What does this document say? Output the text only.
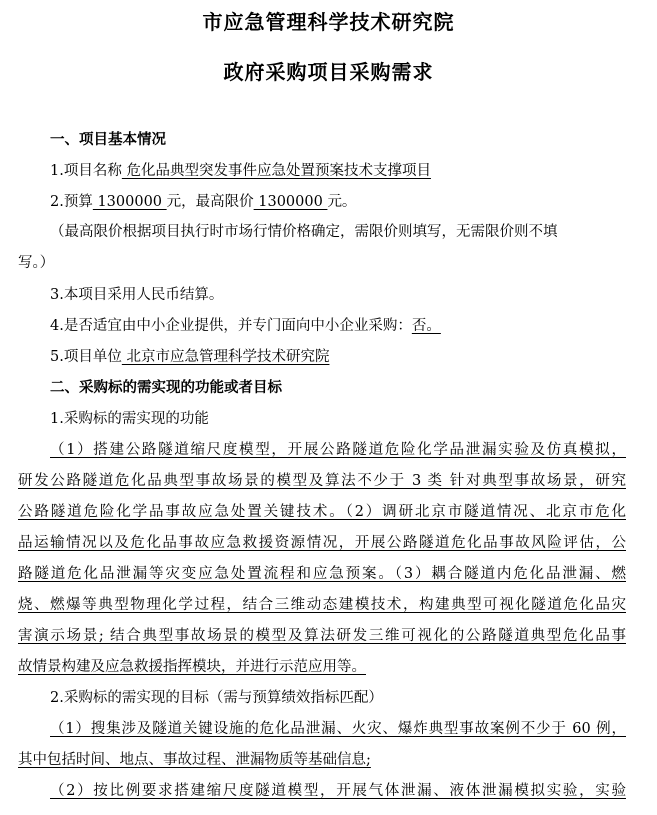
市应急管理科学技术研究院
政府采购项目采购需求
一、项目基本情况
1.项目名称 危化品典型突发事件应急处置预案技术支撑项目
2.预算 1300000 元，最高限价 1300000 元。
（最高限价根据项目执行时市场行情价格确定，需限价则填写，无需限价则不填
写。）
3.本项目采用人民币结算。
4.是否适宜由中小企业提供，并专门面向中小企业采购：否。
5.项目单位 北京市应急管理科学技术研究院
二、采购标的需实现的功能或者目标
1.采购标的需实现的功能
（1）搭建公路隧道缩尺度模型，开展公路隧道危险化学品泄漏实验及仿真模拟，
研发公路隧道危化品典型事故场景的模型及算法不少于 3 类 针对典型事故场景，研究
公路隧道危险化学品事故应急处置关键技术。（2）调研北京市隧道情况、北京市危化
品运输情况以及危化品事故应急救援资源情况，开展公路隧道危化品事故风险评估，公
路隧道危化品泄漏等灾变应急处置流程和应急预案。（3）耦合隧道内危化品泄漏、燃
烧、燃爆等典型物理化学过程，结合三维动态建模技术，构建典型可视化隧道危化品灾
害演示场景; 结合典型事故场景的模型及算法研发三维可视化的公路隧道典型危化品事
故情景构建及应急救援指挥模块，并进行示范应用等。
2.采购标的需实现的目标（需与预算绩效指标匹配）
（1）搜集涉及隧道关键设施的危化品泄漏、火灾、爆炸典型事故案例不少于 60 例，
其中包括时间、地点、事故过程、泄漏物质等基础信息;
（2）按比例要求搭建缩尺度隧道模型，开展气体泄漏、液体泄漏模拟实验，实验
